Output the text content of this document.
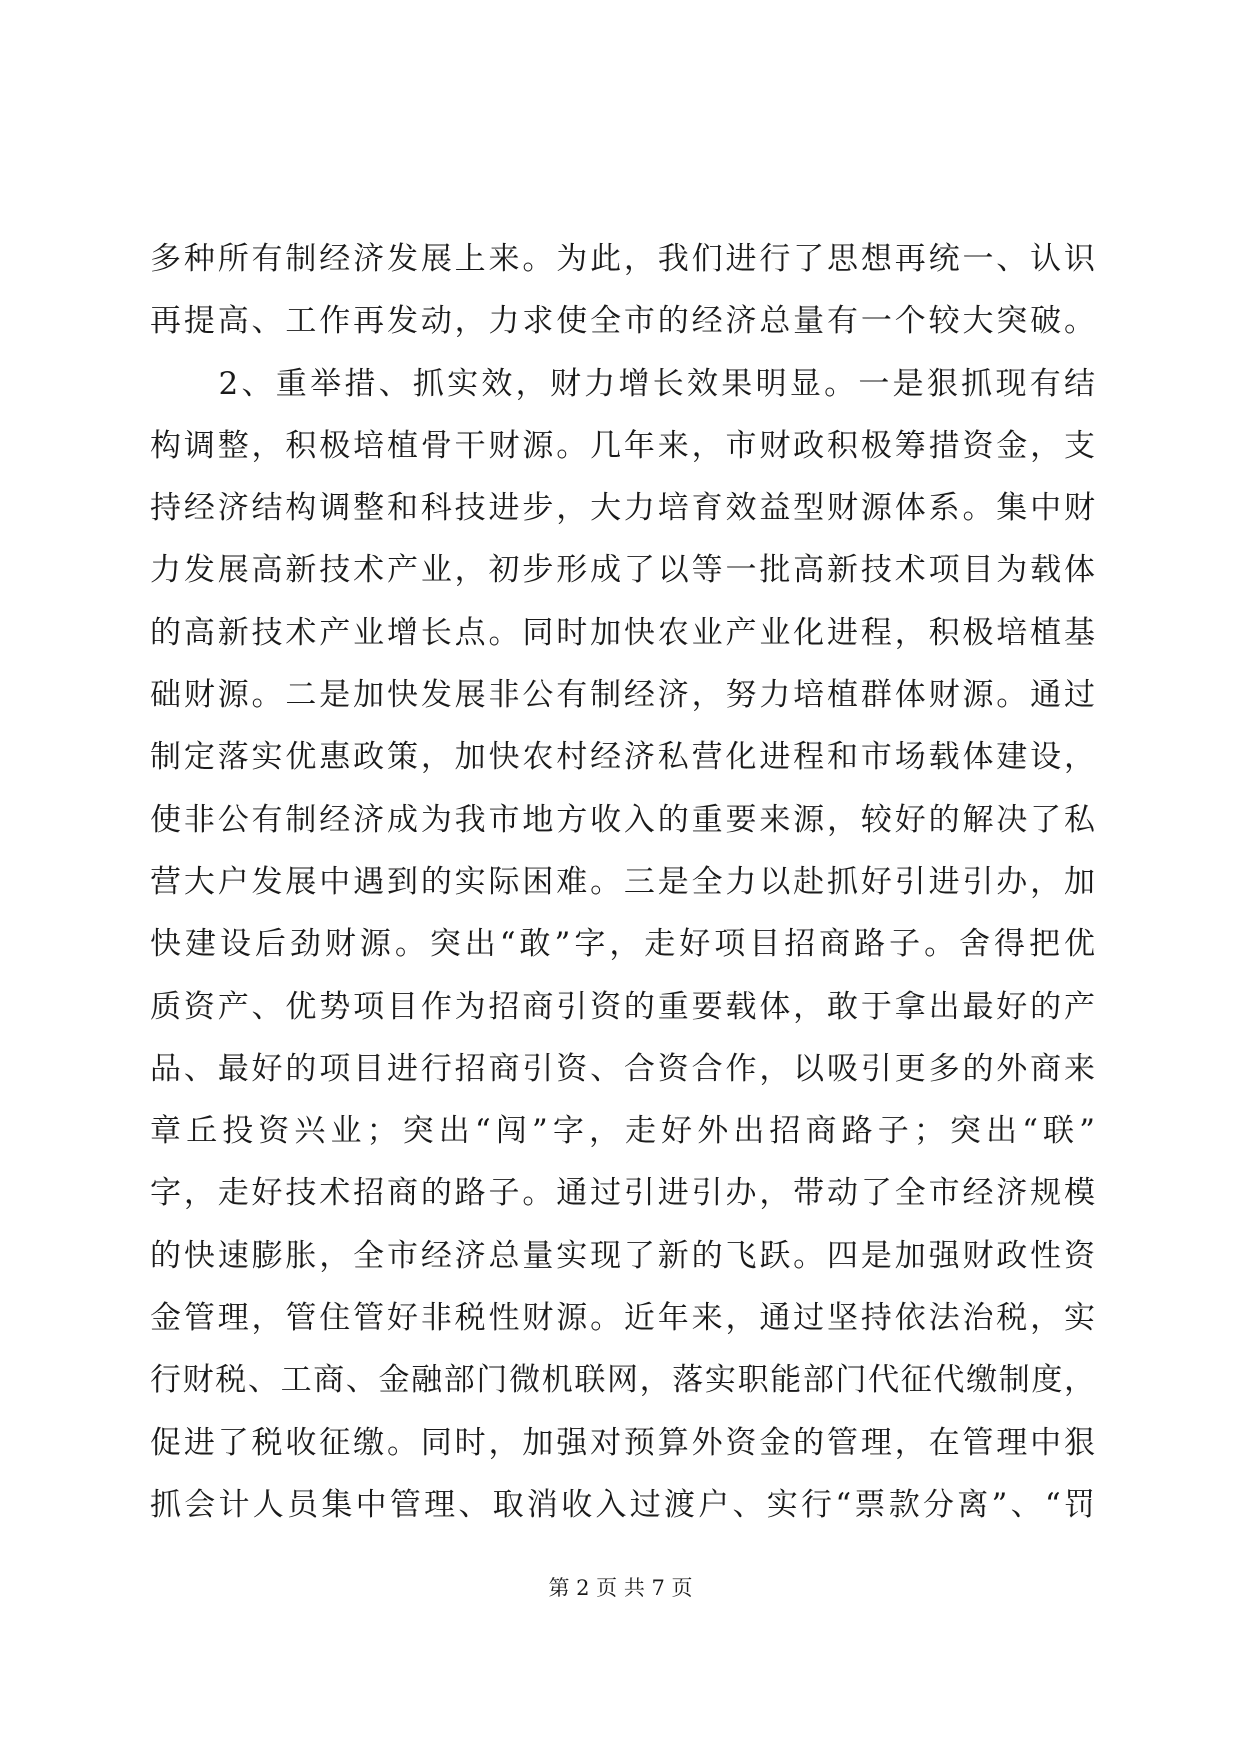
多种所有制经济发展上来。为此，我们进行了思想再统一、认识
再提高、工作再发动，力求使全市的经济总量有一个较大突破。
　　2、重举措、抓实效，财力增长效果明显。一是狠抓现有结
构调整，积极培植骨干财源。几年来，市财政积极筹措资金，支
持经济结构调整和科技进步，大力培育效益型财源体系。集中财
力发展高新技术产业，初步形成了以等一批高新技术项目为载体
的高新技术产业增长点。同时加快农业产业化进程，积极培植基
础财源。二是加快发展非公有制经济，努力培植群体财源。通过
制定落实优惠政策，加快农村经济私营化进程和市场载体建设，
使非公有制经济成为我市地方收入的重要来源，较好的解决了私
营大户发展中遇到的实际困难。三是全力以赴抓好引进引办，加
快建设后劲财源。突出“敢”字，走好项目招商路子。舍得把优
质资产、优势项目作为招商引资的重要载体，敢于拿出最好的产
品、最好的项目进行招商引资、合资合作，以吸引更多的外商来
章丘投资兴业；突出“闯”字，走好外出招商路子；突出“联”
字，走好技术招商的路子。通过引进引办，带动了全市经济规模
的快速膨胀，全市经济总量实现了新的飞跃。四是加强财政性资
金管理，管住管好非税性财源。近年来，通过坚持依法治税，实
行财税、工商、金融部门微机联网，落实职能部门代征代缴制度，
促进了税收征缴。同时，加强对预算外资金的管理，在管理中狠
抓会计人员集中管理、取消收入过渡户、实行“票款分离”、“罚
第 2 页 共 7 页
